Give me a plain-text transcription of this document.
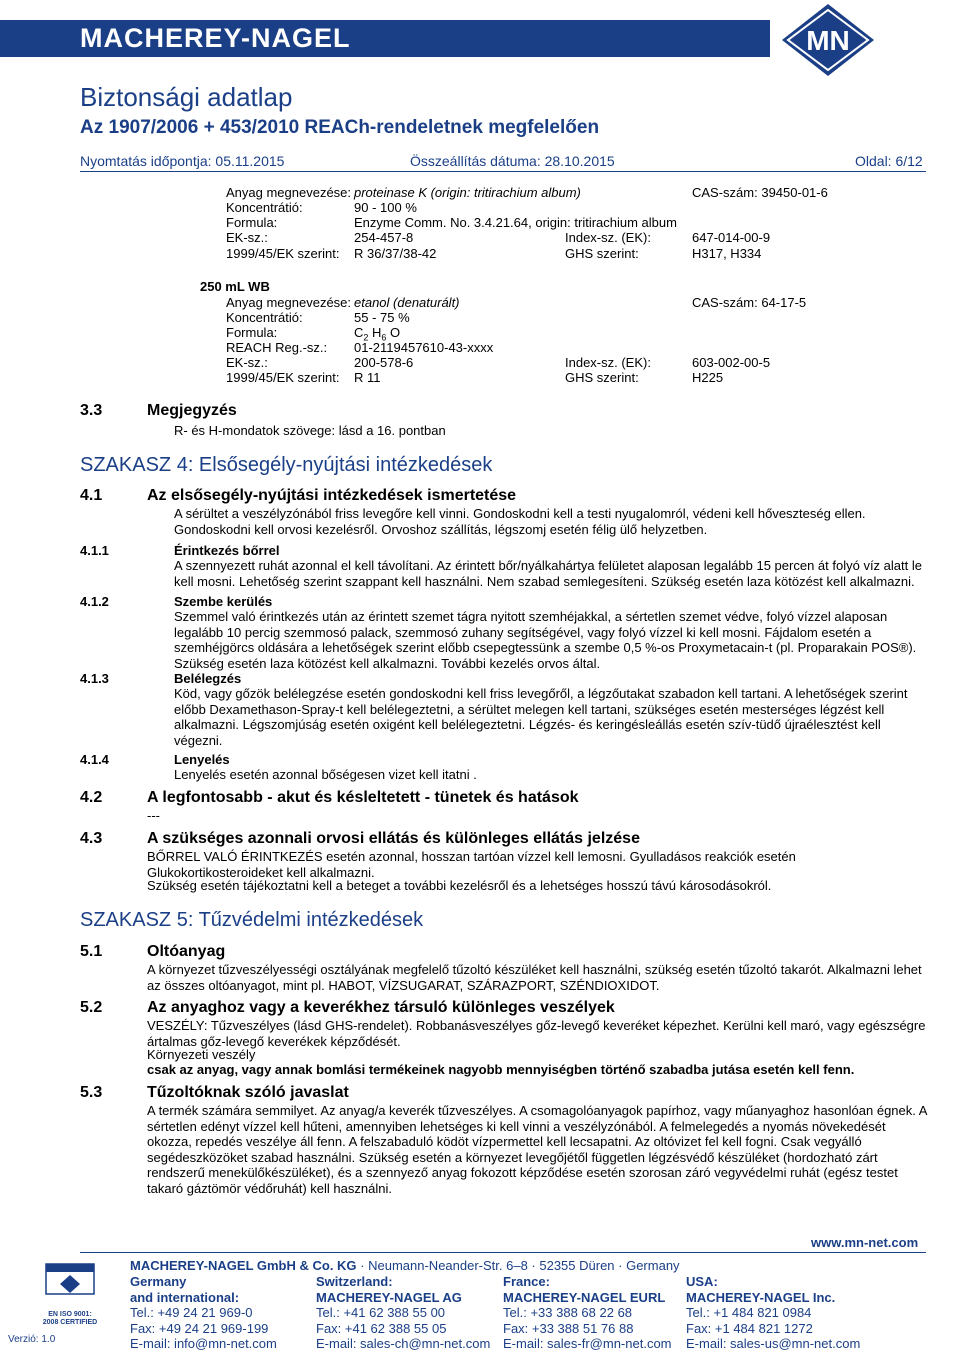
MACHEREY-NAGEL	MN
Biztonsági adatlap
Az 1907/2006 + 453/2010 REACh-rendeletnek megfelelően
Nyomtatás időpontja: 05.11.2015	Összeállítás dátuma: 28.10.2015	Oldal: 6/12
Anyag megnevezése: proteinase K (origin: tritirachium album)	CAS-szám: 39450-01-6
Koncentrátió:	90 - 100 %
Formula:	Enzyme Comm. No. 3.4.21.64, origin: tritirachium album
EK-sz.:	254-457-8	Index-sz. (EK):	647-014-00-9
1999/45/EK szerint: R 36/37/38-42	GHS szerint:	H317, H334
250 mL WB
Anyag megnevezése: etanol (denaturált)	CAS-szám: 64-17-5
Koncentrátió:	55 - 75 %
Formula:	$C_2$ $H_6$ O
REACH Reg.-sz.: 01-2119457610-43-xxxx
EK-sz.:	200-578-6	Index-sz. (EK):	603-002-00-5
1999/45/EK szerint: R 11	GHS szerint:	H225
3.3	Megjegyzés
R- és H-mondatok szövege: lásd a 16. pontban
SZAKASZ 4: Elsősegély-nyújtási intézkedések
4.1	Az elsősegély-nyújtási intézkedések ismertetése
A sérültet a veszélyzónából friss levegőre kell vinni. Gondoskodni kell a testi nyugalomról, védeni kell hőveszteség ellen. Gondoskodni kell orvosi kezelésről. Orvoshoz szállítás, légszomj esetén félig ülő helyzetben.
4.1.1	Érintkezés bőrrel
A szennyezett ruhát azonnal el kell távolítani. Az érintett bőr/nyálkahártya felületet alaposan legalább 15 percen át folyó víz alatt le kell mosni. Lehetőség szerint szappant kell használni. Nem szabad semlegesíteni. Szükség esetén laza kötözést kell alkalmazni.
4.1.2	Szembe kerülés
Szemmel való érintkezés után az érintett szemet tágra nyitott szemhéjakkal, a sértetlen szemet védve, folyó vízzel alaposan legalább 10 percig szemmosó palack, szemmosó zuhany segítségével, vagy folyó vízzel ki kell mosni. Fájdalom esetén a szemhéjgörcs oldására a lehetőségek szerint előbb csepegtessünk a szembe 0,5 %-os Proxymetacain-t (pl. Proparakain POS®). Szükség esetén laza kötözést kell alkalmazni. További kezelés orvos által.
4.1.3	Belélegzés
Köd, vagy gőzök belélegzése esetén gondoskodni kell friss levegőről, a légzőutakat szabadon kell tartani. A lehetőségek szerint előbb Dexamethason-Spray-t kell belélegeztetni, a sérültet melegen kell tartani, szükséges esetén mesterséges légzést kell alkalmazni. Légszomjúság esetén oxigént kell belélegeztetni. Légzés- és keringésleállás esetén szív-tüdő újraélesztést kell végezni.
4.1.4	Lenyelés
Lenyelés esetén azonnal bőségesen vizet kell itatni .
4.2	A legfontosabb - akut és késleltetett - tünetek és hatások
---
4.3	A szükséges azonnali orvosi ellátás és különleges ellátás jelzése
BŐRREL VALÓ ÉRINTKEZÉS esetén azonnal, hosszan tartóan vízzel kell lemosni. Gyulladásos reakciók esetén Glukokortikosteroideket kell alkalmazni.
Szükség esetén tájékoztatni kell a beteget a további kezelésről és a lehetséges hosszú távú károsodásokról.
SZAKASZ 5: Tűzvédelmi intézkedések
5.1	Oltóanyag
A környezet tűzveszélyességi osztályának megfelelő tűzoltó készüléket kell használni, szükség esetén tűzoltó takarót. Alkalmazni lehet az összes oltóanyagot, mint pl. HABOT, VÍZSUGARAT, SZÁRAZPORT, SZÉNDIOXIDOT.
5.2	Az anyaghoz vagy a keverékhez társuló különleges veszélyek
VESZÉLY: Tűzveszélyes (lásd GHS-rendelet). Robbanásveszélyes gőz-levegő keveréket képezhet. Kerülni kell maró, vagy egészségre ártalmas gőz-levegő keverékek képződését.
Környezeti veszély
csak az anyag, vagy annak bomlási termékeinek nagyobb mennyiségben történő szabadba jutása esetén kell fenn.
5.3	Tűzoltóknak szóló javaslat
A termék számára semmilyet. Az anyag/a keverék tűzveszélyes. A csomagolóanyagok papírhoz, vagy műanyaghoz hasonlóan égnek. A sértetlen edényt vízzel kell hűteni, amennyiben lehetséges ki kell vinni a veszélyzónából. A felmelegedés a nyomás növekedését okozza, repedés veszélye áll fenn. A felszabaduló ködöt vízpermettel kell lecsapatni. Az oltóvizet fel kell fogni. Csak vegyálló segédeszközöket szabad használni. Szükség esetén a környezet levegőjétől független légzésvédő készüléket (hordozható zárt rendszerű menekülőkészüléket), és a szennyező anyag fokozott képződése esetén szorosan záró vegyvédelmi ruhát (egész testet takaró gáztömör védőruhát) kell használni.
www.mn-net.com
MACHEREY-NAGEL GmbH & Co. KG · Neumann-Neander-Str. 6–8 · 52355 Düren · Germany
EN ISO 9001: 2008 CERTIFIED
Verzió: 1.0
Germany
and international:
Tel.: +49 24 21 969-0
Fax: +49 24 21 969-199
E-mail: info@mn-net.com
Switzerland:
MACHEREY-NAGEL AG
Tel.: +41 62 388 55 00
Fax: +41 62 388 55 05
E-mail: sales-ch@mn-net.com
France:
MACHEREY-NAGEL EURL
Tel.: +33 388 68 22 68
Fax: +33 388 51 76 88
E-mail: sales-fr@mn-net.com
USA:
MACHEREY-NAGEL Inc.
Tel.: +1 484 821 0984
Fax: +1 484 821 1272
E-mail: sales-us@mn-net.com
